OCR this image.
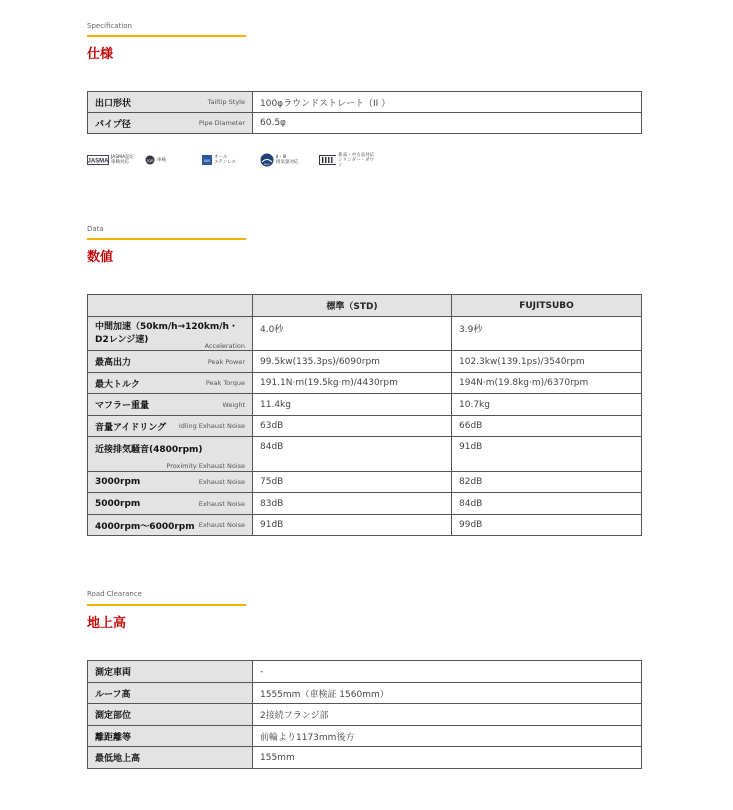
Specification
仕様
出口形状 Tailtip Style	100φラウンドストレート（II ）

パイプ径 Pipe Diameter	60.5φ
JASMA
JASMA認定
車検対応	JQR 車検	SUS
オール
ステンレス	Eco
Ⅱ・Ⅲ
排気量対応
新品・中古品対応
シリンダー・ダウン
Data
数値
	標準（STD)	FUJITSUBO

中間加速（50km/h→120km/h・D2レンジ速)
Acceleration	4.0秒	3.9秒

最高出力 Peak Power	99.5kw(135.3ps)/6090rpm	102.3kw(139.1ps)/3540rpm

最大トルク Peak Torque	191.1N·m(19.5kg·m)/4430rpm	194N·m(19.8kg·m)/6370rpm

マフラー重量 Weight	11.4kg	10.7kg

音量アイドリング Idling Exhaust Noise	63dB	66dB

近接排気騒音(4800rpm)
Proximity Exhaust Noise	84dB	91dB

3000rpm Exhaust Noise	75dB	82dB

5000rpm Exhaust Noise	83dB	84dB

4000rpm〜6000rpm Exhaust Noise	91dB	99dB
Road Clearance
地上高
測定車両	-
ルーフ高	1555mm（車検証 1560mm）
測定部位	2接続フランジ部
離距離等	前輪より1173mm後方
最低地上高	155mm
